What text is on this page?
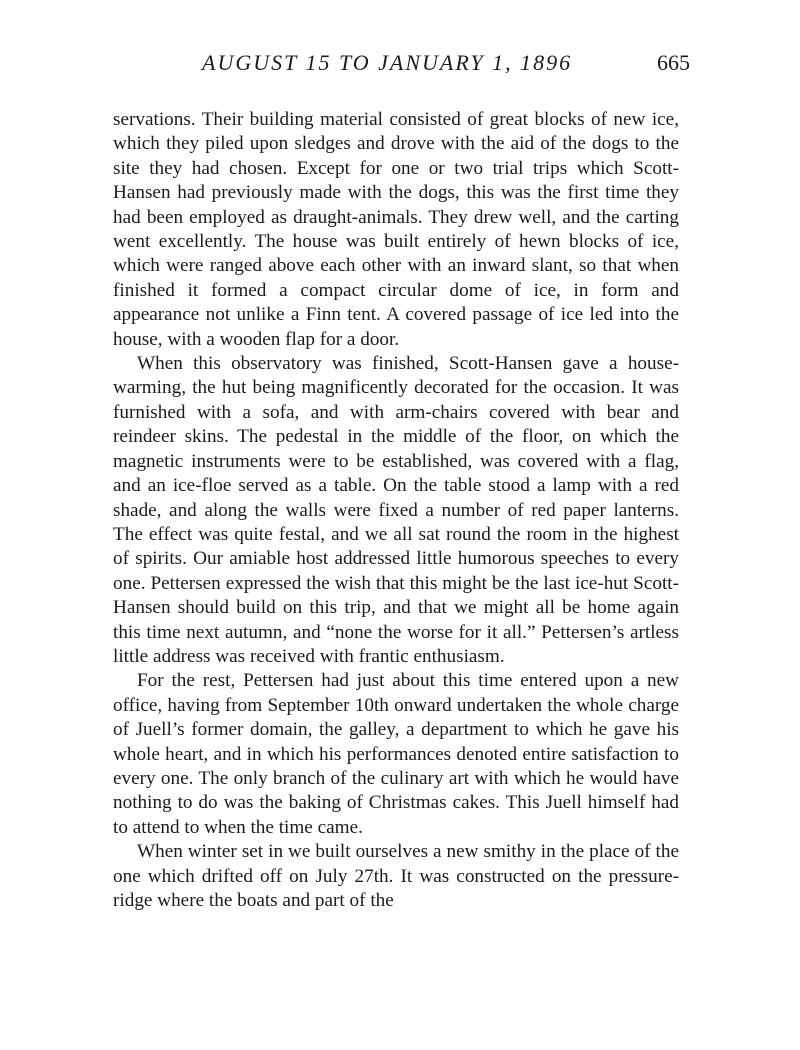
AUGUST 15 TO JANUARY 1, 1896	665

servations. Their building material consisted of great blocks of new ice, which they piled upon sledges and drove with the aid of the dogs to the site they had chosen. Except for one or two trial trips which Scott-Hansen had previously made with the dogs, this was the first time they had been employed as draught-animals. They drew well, and the carting went excellently. The house was built entirely of hewn blocks of ice, which were ranged above each other with an inward slant, so that when finished it formed a compact circular dome of ice, in form and appearance not unlike a Finn tent. A covered passage of ice led into the house, with a wooden flap for a door.

When this observatory was finished, Scott-Hansen gave a house-warming, the hut being magnificently decorated for the occasion. It was furnished with a sofa, and with arm-chairs covered with bear and reindeer skins. The pedestal in the middle of the floor, on which the magnetic instruments were to be established, was covered with a flag, and an ice-floe served as a table. On the table stood a lamp with a red shade, and along the walls were fixed a number of red paper lanterns. The effect was quite festal, and we all sat round the room in the highest of spirits. Our amiable host addressed little humorous speeches to every one. Pettersen expressed the wish that this might be the last ice-hut Scott-Hansen should build on this trip, and that we might all be home again this time next autumn, and “none the worse for it all.” Pettersen’s artless little address was received with frantic enthusiasm.

For the rest, Pettersen had just about this time entered upon a new office, having from September 10th onward undertaken the whole charge of Juell’s former domain, the galley, a department to which he gave his whole heart, and in which his performances denoted entire satisfaction to every one. The only branch of the culinary art with which he would have nothing to do was the baking of Christmas cakes. This Juell himself had to attend to when the time came.

When winter set in we built ourselves a new smithy in the place of the one which drifted off on July 27th. It was constructed on the pressure-ridge where the boats and part of the
